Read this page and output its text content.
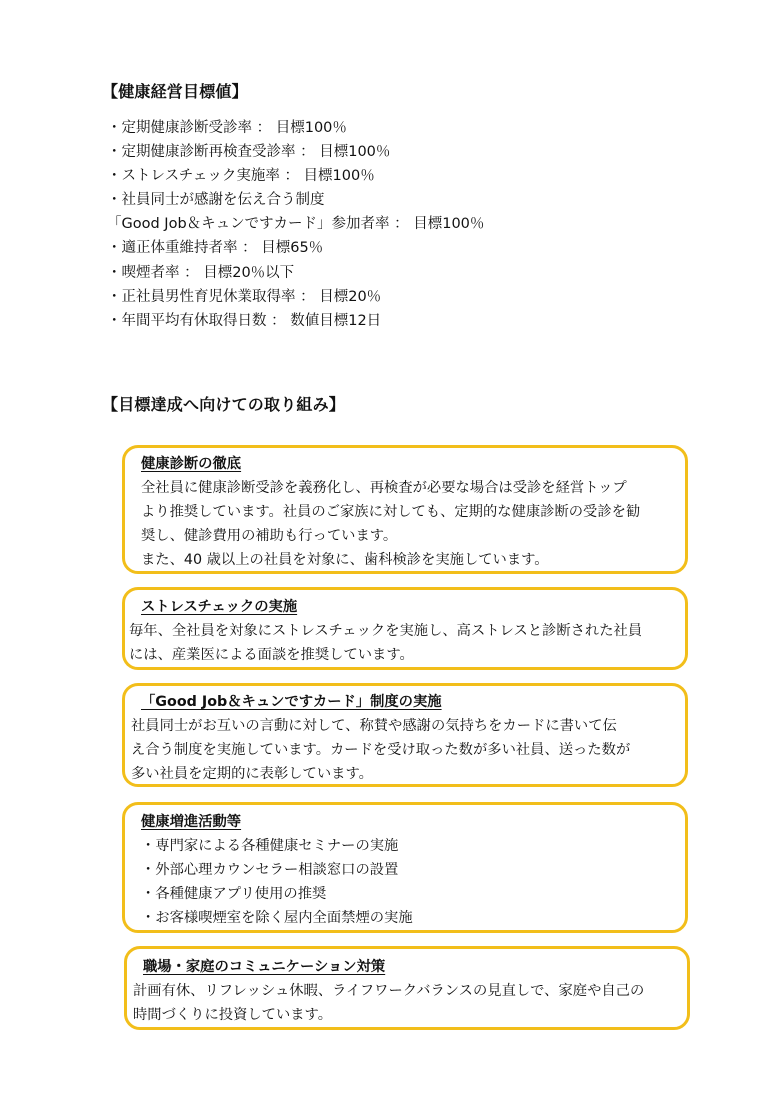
【健康経営目標値】
・定期健康診断受診率 ： 目標100％
・定期健康診断再検査受診率 ： 目標100％
・ストレスチェック実施率 ： 目標100％
・社員同士が感謝を伝え合う制度
「Good Job＆キュンですカード」参加者率 ： 目標100％
・適正体重維持者率 ： 目標65％
・喫煙者率 ： 目標20％以下
・正社員男性育児休業取得率 ： 目標20％
・年間平均有休取得日数 ： 数値目標12日
【目標達成へ向けての取り組み】
健康診断の徹底
全社員に健康診断受診を義務化し、再検査が必要な場合は受診を経営トップ
より推奨しています。社員のご家族に対しても、定期的な健康診断の受診を勧
奨し、健診費用の補助も行っています。
また、40 歳以上の社員を対象に、歯科検診を実施しています。
ストレスチェックの実施
毎年、全社員を対象にストレスチェックを実施し、高ストレスと診断された社員
には、産業医による面談を推奨しています。
「Good Job＆キュンですカード」制度の実施
社員同士がお互いの言動に対して、称賛や感謝の気持ちをカードに書いて伝
え合う制度を実施しています。カードを受け取った数が多い社員、送った数が
多い社員を定期的に表彰しています。
健康増進活動等
・専門家による各種健康セミナーの実施
・外部心理カウンセラー相談窓口の設置
・各種健康アプリ使用の推奨
・お客様喫煙室を除く屋内全面禁煙の実施
職場・家庭のコミュニケーション対策
計画有休、リフレッシュ休暇、ライフワークバランスの見直しで、家庭や自己の
時間づくりに投資しています。
